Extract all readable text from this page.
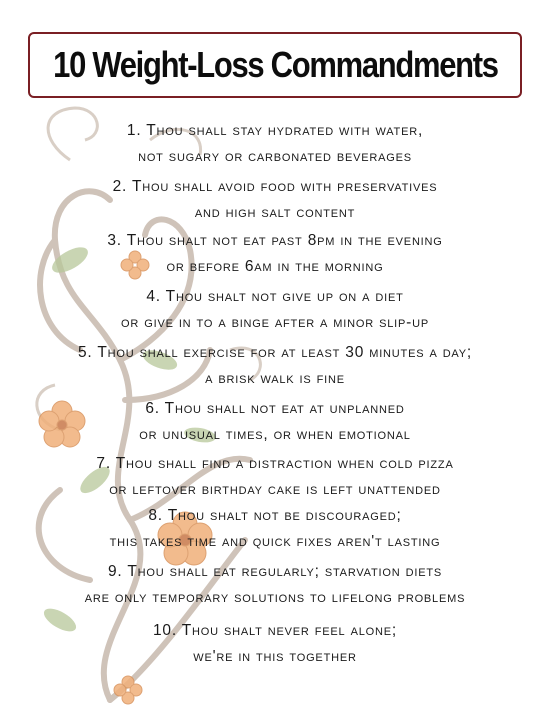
10 Weight-Loss Commandments
1. Thou shall stay hydrated with water,
not sugary or carbonated beverages
2. Thou shall avoid food with preservatives
and high salt content
3. Thou shalt not eat past 8pm in the evening
or before 6am in the morning
4. Thou shalt not give up on a diet
or give in to a binge after a minor slip-up
5. Thou shall exercise for at least 30 minutes a day;
a brisk walk is fine
6. Thou shall not eat at unplanned
or unusual times, or when emotional
7. Thou shall find a distraction when cold pizza
or leftover birthday cake is left unattended
8. Thou shalt not be discouraged;
this takes time and quick fixes aren't lasting
9. Thou shall eat regularly; starvation diets
are only temporary solutions to lifelong problems
10. Thou shalt never feel alone;
we're in this together
